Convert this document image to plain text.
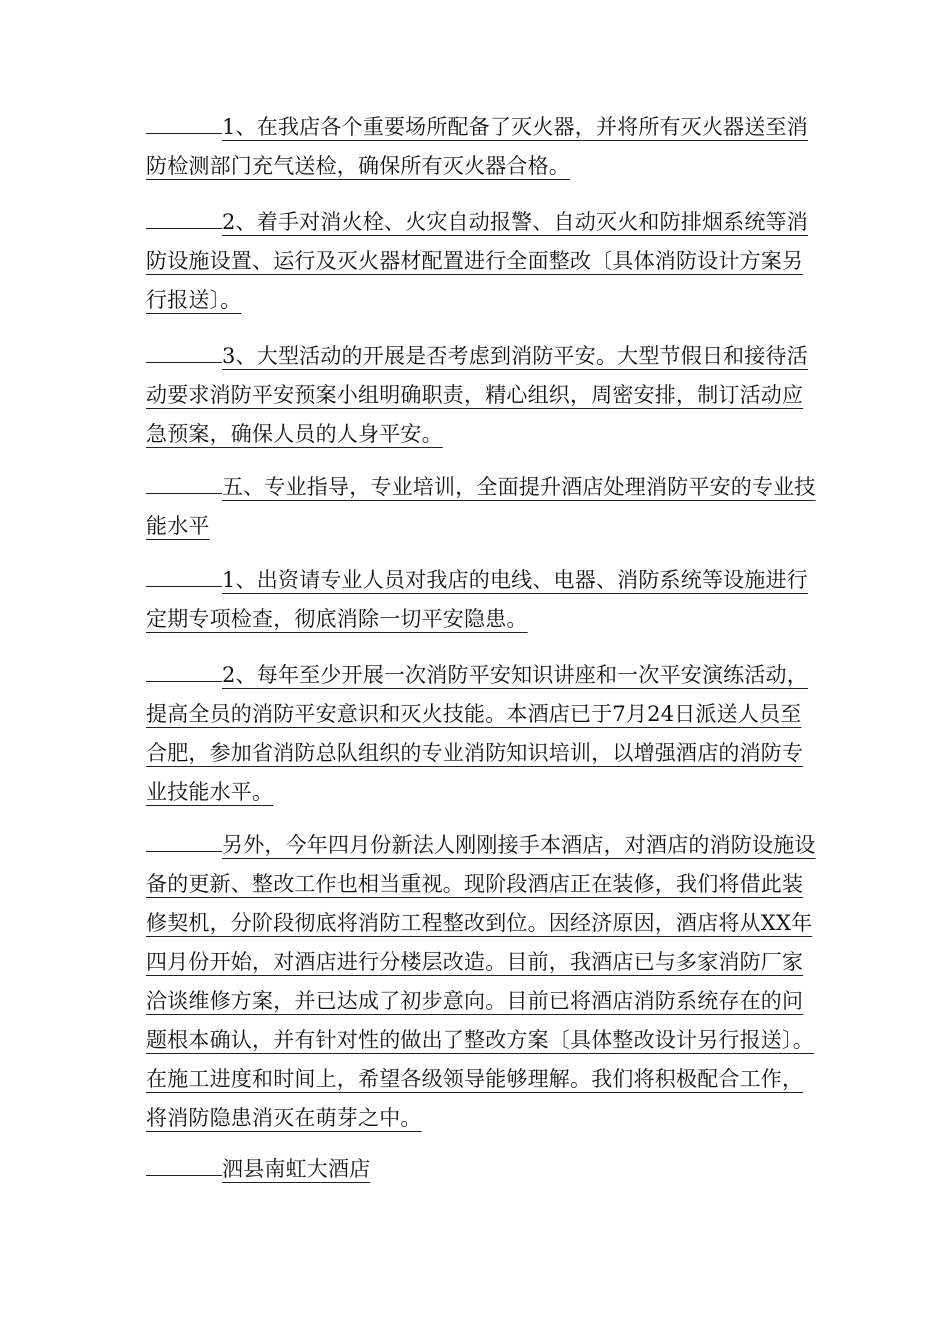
1、在我店各个重要场所配备了灭火器，并将所有灭火器送至消防检测部门充气送检，确保所有灭火器合格。

2、着手对消火栓、火灾自动报警、自动灭火和防排烟系统等消防设施设置、运行及灭火器材配置进行全面整改〔具体消防设计方案另行报送〕。

3、大型活动的开展是否考虑到消防平安。大型节假日和接待活动要求消防平安预案小组明确职责，精心组织，周密安排，制订活动应急预案，确保人员的人身平安。

五、专业指导，专业培训，全面提升酒店处理消防平安的专业技能水平

1、出资请专业人员对我店的电线、电器、消防系统等设施进行定期专项检查，彻底消除一切平安隐患。

2、每年至少开展一次消防平安知识讲座和一次平安演练活动，提高全员的消防平安意识和灭火技能。本酒店已于7月24日派送人员至合肥，参加省消防总队组织的专业消防知识培训，以增强酒店的消防专业技能水平。

另外，今年四月份新法人刚刚接手本酒店，对酒店的消防设施设备的更新、整改工作也相当重视。现阶段酒店正在装修，我们将借此装修契机，分阶段彻底将消防工程整改到位。因经济原因，酒店将从XX年四月份开始，对酒店进行分楼层改造。目前，我酒店已与多家消防厂家洽谈维修方案，并已达成了初步意向。目前已将酒店消防系统存在的问题根本确认，并有针对性的做出了整改方案〔具体整改设计另行报送〕。在施工进度和时间上，希望各级领导能够理解。我们将积极配合工作，将消防隐患消灭在萌芽之中。

泗县南虹大酒店
